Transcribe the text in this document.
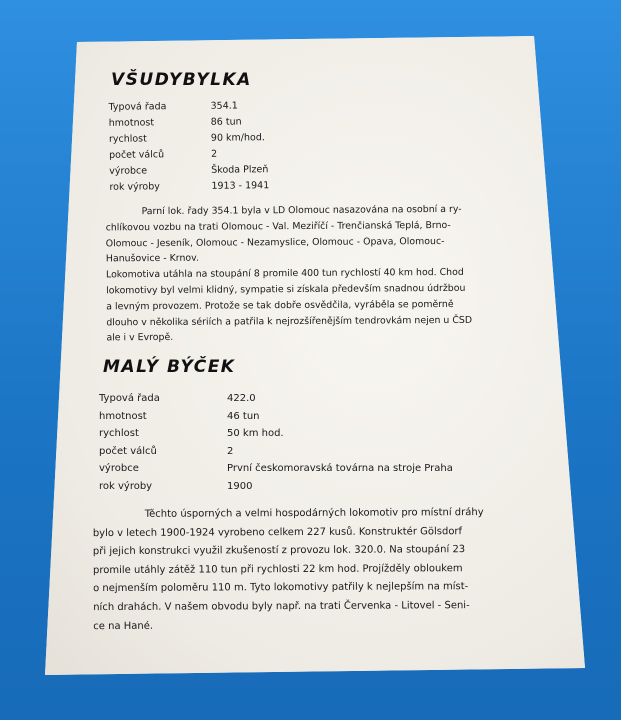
VŠUDYBYLKA
Typová řada	354.1
hmotnost	86 tun
rychlost	90 km/hod.
počet válců	2
výrobce	Škoda Plzeň
rok výroby	1913 - 1941

Parní lok. řady 354.1 byla v LD Olomouc nasazována na osobní a ry-
chlíkovou vozbu na trati Olomouc - Val. Meziříčí - Trenčianská Teplá, Brno-
Olomouc - Jeseník, Olomouc - Nezamyslice, Olomouc - Opava, Olomouc-
Hanušovice - Krnov.
Lokomotiva utáhla na stoupání 8 promile 400 tun rychlostí 40 km hod. Chod
lokomotivy byl velmi klidný, sympatie si získala především snadnou údržbou
a levným provozem. Protože se tak dobře osvědčila, vyráběla se poměrně
dlouho v několika sériích a patřila k nejrozšířenějším tendrovkám nejen u ČSD
ale i v Evropě.

MALÝ BÝČEK
Typová řada	422.0
hmotnost	46 tun
rychlost	50 km hod.
počet válců	2
výrobce	První českomoravská továrna na stroje Praha
rok výroby	1900

Těchto úsporných a velmi hospodárných lokomotiv pro místní dráhy
bylo v letech 1900-1924 vyrobeno celkem 227 kusů. Konstruktér Gölsdorf
při jejich konstrukci využil zkušeností z provozu lok. 320.0. Na stoupání 23
promile utáhly zátěž 110 tun při rychlosti 22 km hod. Projížděly obloukem
o nejmenším poloměru 110 m. Tyto lokomotivy patřily k nejlepším na míst-
ních drahách. V našem obvodu byly např. na trati Červenka - Litovel - Seni-
ce na Hané.
